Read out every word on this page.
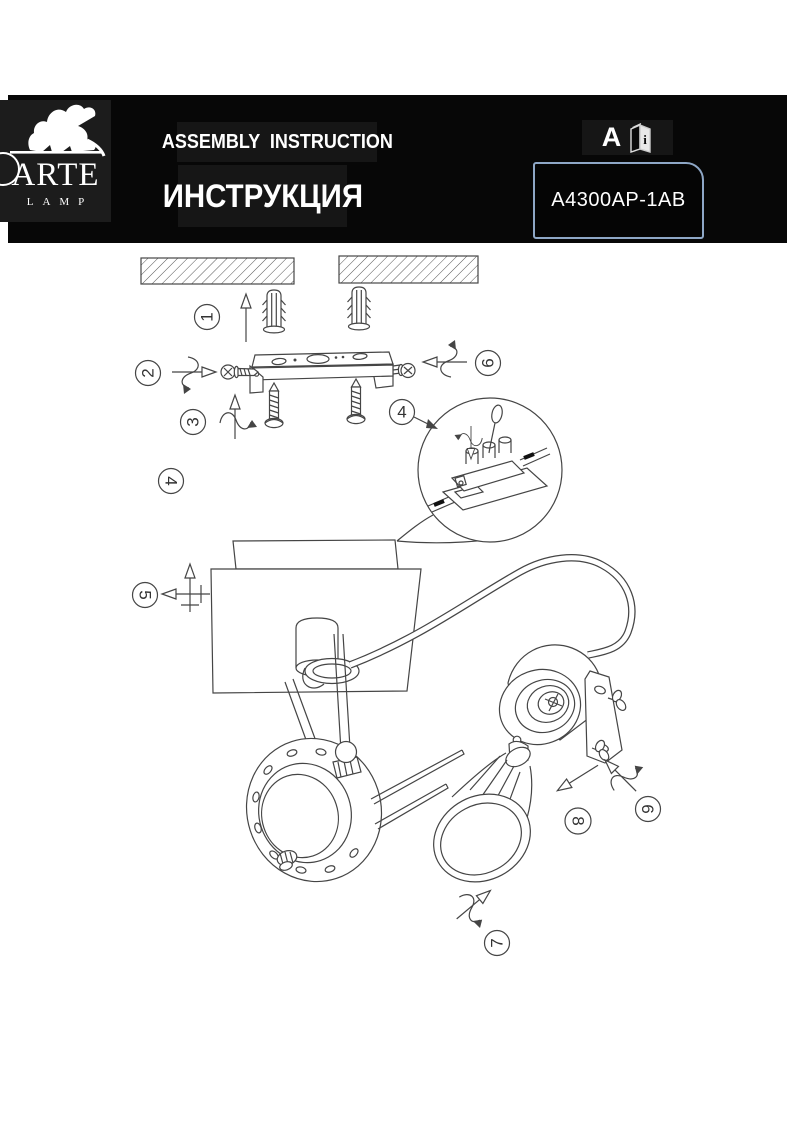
ARTE
LAMP
ASSEMBLY  INSTRUCTION
ИНСТРУКЦИЯ
A i
A4300AP-1AB
1
2
3
4
4
5
6
7
8
9
